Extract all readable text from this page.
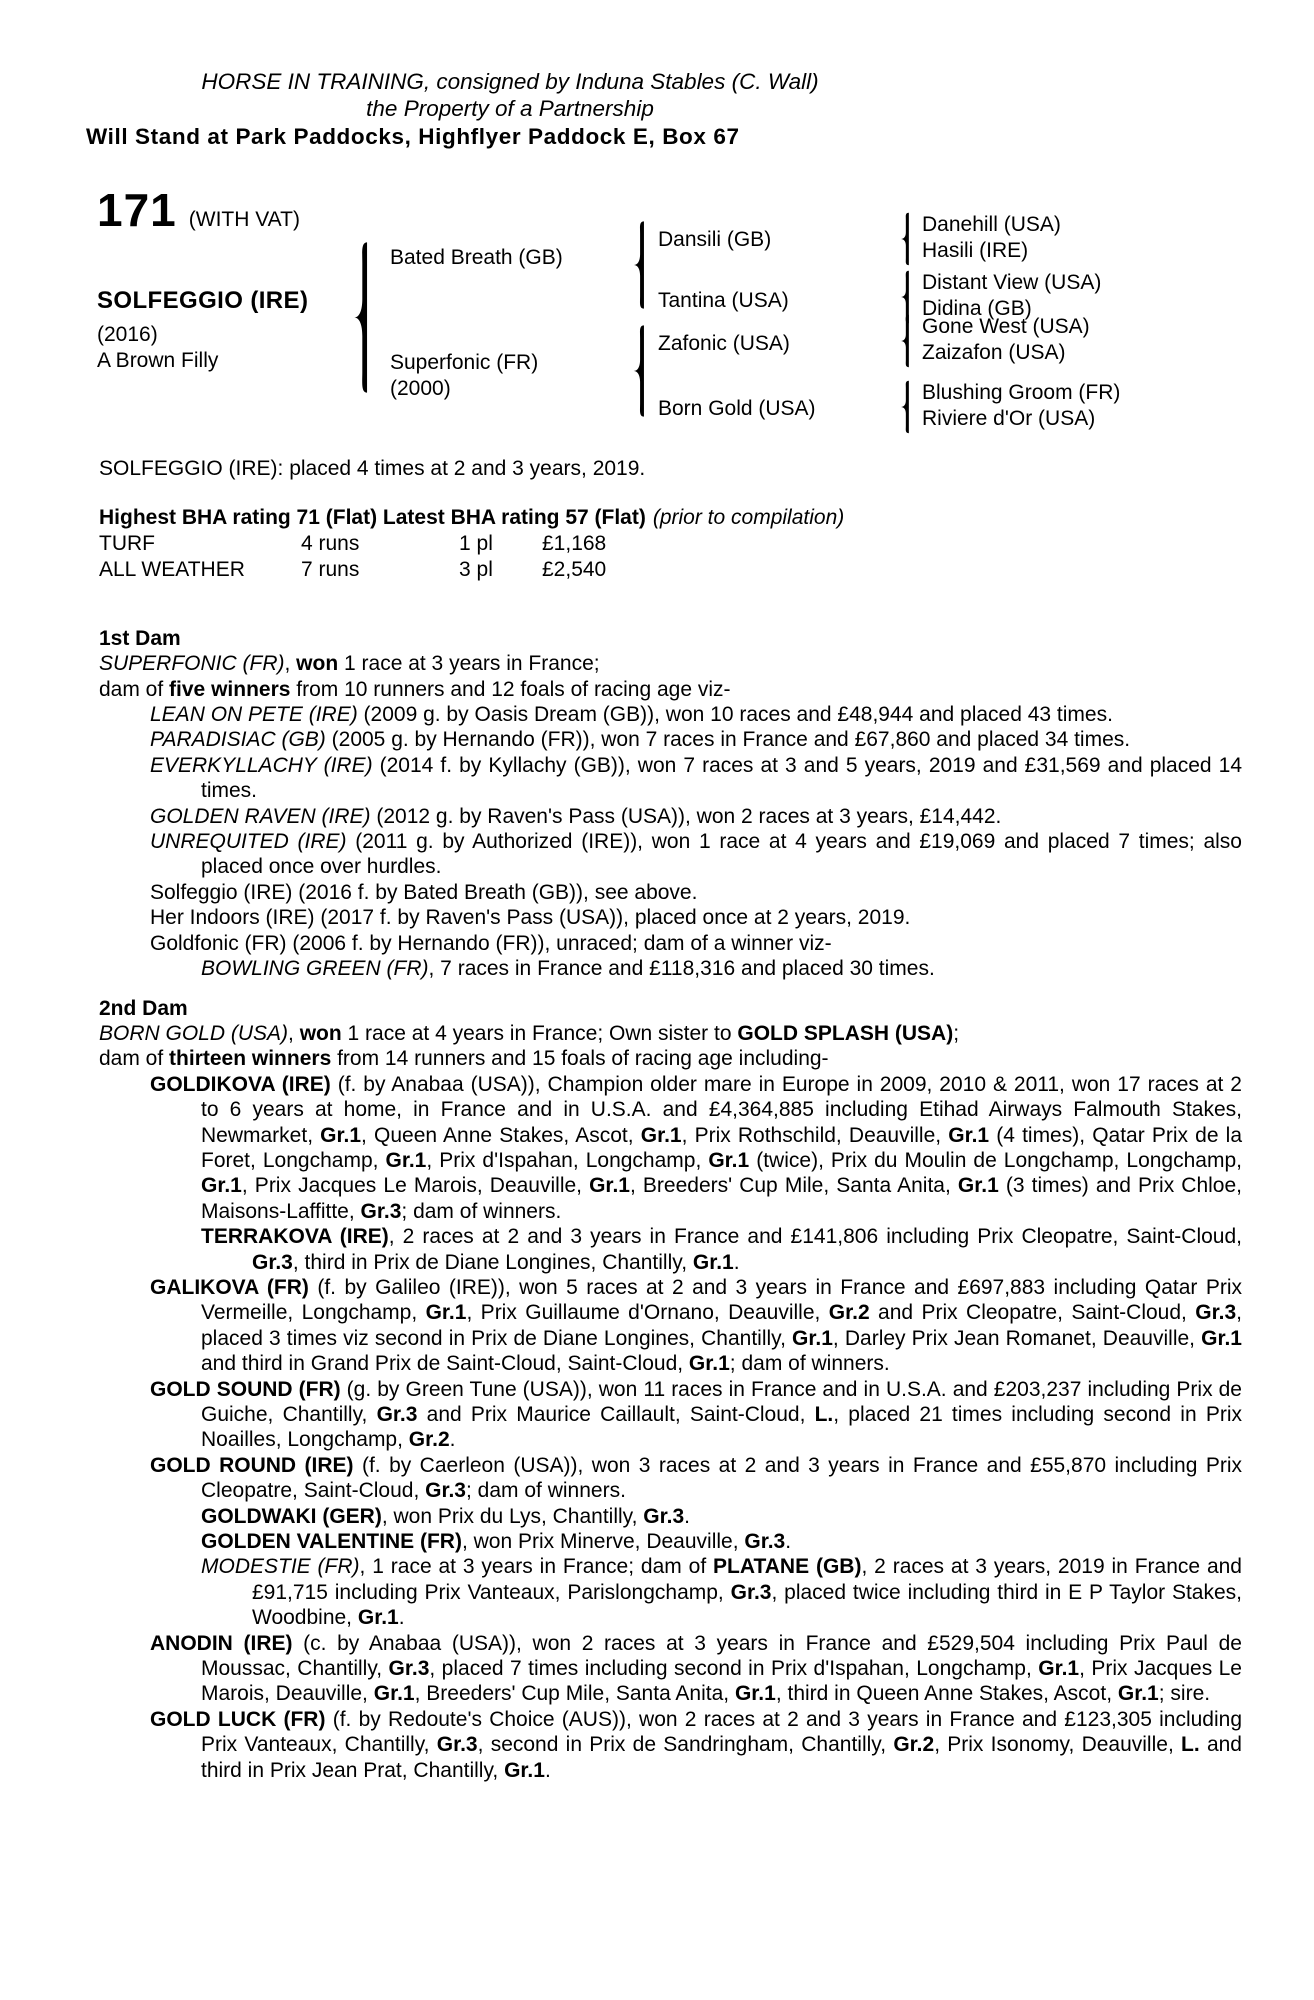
HORSE IN TRAINING, consigned by Induna Stables (C. Wall)
the Property of a Partnership
Will Stand at Park Paddocks, Highflyer Paddock E, Box 67
171 (WITH VAT)
SOLFEGGIO (IRE)
(2016)
A Brown Filly
Bated Breath (GB)
Superfonic (FR)
(2000)
Dansili (GB)
Tantina (USA)
Zafonic (USA)
Born Gold (USA)
Danehill (USA)
Hasili (IRE)
Distant View (USA)
Didina (GB)
Gone West (USA)
Zaizafon (USA)
Blushing Groom (FR)
Riviere d'Or (USA)

SOLFEGGIO (IRE): placed 4 times at 2 and 3 years, 2019.

Highest BHA rating 71 (Flat) Latest BHA rating 57 (Flat) (prior to compilation)
TURF	4 runs	1 pl	£1,168
ALL WEATHER	7 runs	3 pl	£2,540
1st Dam

SUPERFONIC (FR), won 1 race at 3 years in France;

dam of five winners from 10 runners and 12 foals of racing age viz-

LEAN ON PETE (IRE) (2009 g. by Oasis Dream (GB)), won 10 races and £48,944 and placed 43 times.

PARADISIAC (GB) (2005 g. by Hernando (FR)), won 7 races in France and £67,860 and placed 34 times.

EVERKYLLACHY (IRE) (2014 f. by Kyllachy (GB)), won 7 races at 3 and 5 years, 2019 and £31,569 and placed 14 times.

GOLDEN RAVEN (IRE) (2012 g. by Raven's Pass (USA)), won 2 races at 3 years, £14,442.

UNREQUITED (IRE) (2011 g. by Authorized (IRE)), won 1 race at 4 years and £19,069 and placed 7 times; also placed once over hurdles.

Solfeggio (IRE) (2016 f. by Bated Breath (GB)), see above.

Her Indoors (IRE) (2017 f. by Raven's Pass (USA)), placed once at 2 years, 2019.

Goldfonic (FR) (2006 f. by Hernando (FR)), unraced; dam of a winner viz-

BOWLING GREEN (FR), 7 races in France and £118,316 and placed 30 times.

2nd Dam

BORN GOLD (USA), won 1 race at 4 years in France; Own sister to GOLD SPLASH (USA);

dam of thirteen winners from 14 runners and 15 foals of racing age including-

GOLDIKOVA (IRE) (f. by Anabaa (USA)), Champion older mare in Europe in 2009, 2010 & 2011, won 17 races at 2 to 6 years at home, in France and in U.S.A. and £4,364,885 including Etihad Airways Falmouth Stakes, Newmarket, Gr.1, Queen Anne Stakes, Ascot, Gr.1, Prix Rothschild, Deauville, Gr.1 (4 times), Qatar Prix de la Foret, Longchamp, Gr.1, Prix d'Ispahan, Longchamp, Gr.1 (twice), Prix du Moulin de Longchamp, Longchamp, Gr.1, Prix Jacques Le Marois, Deauville, Gr.1, Breeders' Cup Mile, Santa Anita, Gr.1 (3 times) and Prix Chloe, Maisons-Laffitte, Gr.3; dam of winners.

TERRAKOVA (IRE), 2 races at 2 and 3 years in France and £141,806 including Prix Cleopatre, Saint-Cloud, Gr.3, third in Prix de Diane Longines, Chantilly, Gr.1.

GALIKOVA (FR) (f. by Galileo (IRE)), won 5 races at 2 and 3 years in France and £697,883 including Qatar Prix Vermeille, Longchamp, Gr.1, Prix Guillaume d'Ornano, Deauville, Gr.2 and Prix Cleopatre, Saint-Cloud, Gr.3, placed 3 times viz second in Prix de Diane Longines, Chantilly, Gr.1, Darley Prix Jean Romanet, Deauville, Gr.1 and third in Grand Prix de Saint-Cloud, Saint-Cloud, Gr.1; dam of winners.

GOLD SOUND (FR) (g. by Green Tune (USA)), won 11 races in France and in U.S.A. and £203,237 including Prix de Guiche, Chantilly, Gr.3 and Prix Maurice Caillault, Saint-Cloud, L., placed 21 times including second in Prix Noailles, Longchamp, Gr.2.

GOLD ROUND (IRE) (f. by Caerleon (USA)), won 3 races at 2 and 3 years in France and £55,870 including Prix Cleopatre, Saint-Cloud, Gr.3; dam of winners.

GOLDWAKI (GER), won Prix du Lys, Chantilly, Gr.3.

GOLDEN VALENTINE (FR), won Prix Minerve, Deauville, Gr.3.

MODESTIE (FR), 1 race at 3 years in France; dam of PLATANE (GB), 2 races at 3 years, 2019 in France and £91,715 including Prix Vanteaux, Parislongchamp, Gr.3, placed twice including third in E P Taylor Stakes, Woodbine, Gr.1.

ANODIN (IRE) (c. by Anabaa (USA)), won 2 races at 3 years in France and £529,504 including Prix Paul de Moussac, Chantilly, Gr.3, placed 7 times including second in Prix d'Ispahan, Longchamp, Gr.1, Prix Jacques Le Marois, Deauville, Gr.1, Breeders' Cup Mile, Santa Anita, Gr.1, third in Queen Anne Stakes, Ascot, Gr.1; sire.

GOLD LUCK (FR) (f. by Redoute's Choice (AUS)), won 2 races at 2 and 3 years in France and £123,305 including Prix Vanteaux, Chantilly, Gr.3, second in Prix de Sandringham, Chantilly, Gr.2, Prix Isonomy, Deauville, L. and third in Prix Jean Prat, Chantilly, Gr.1.
